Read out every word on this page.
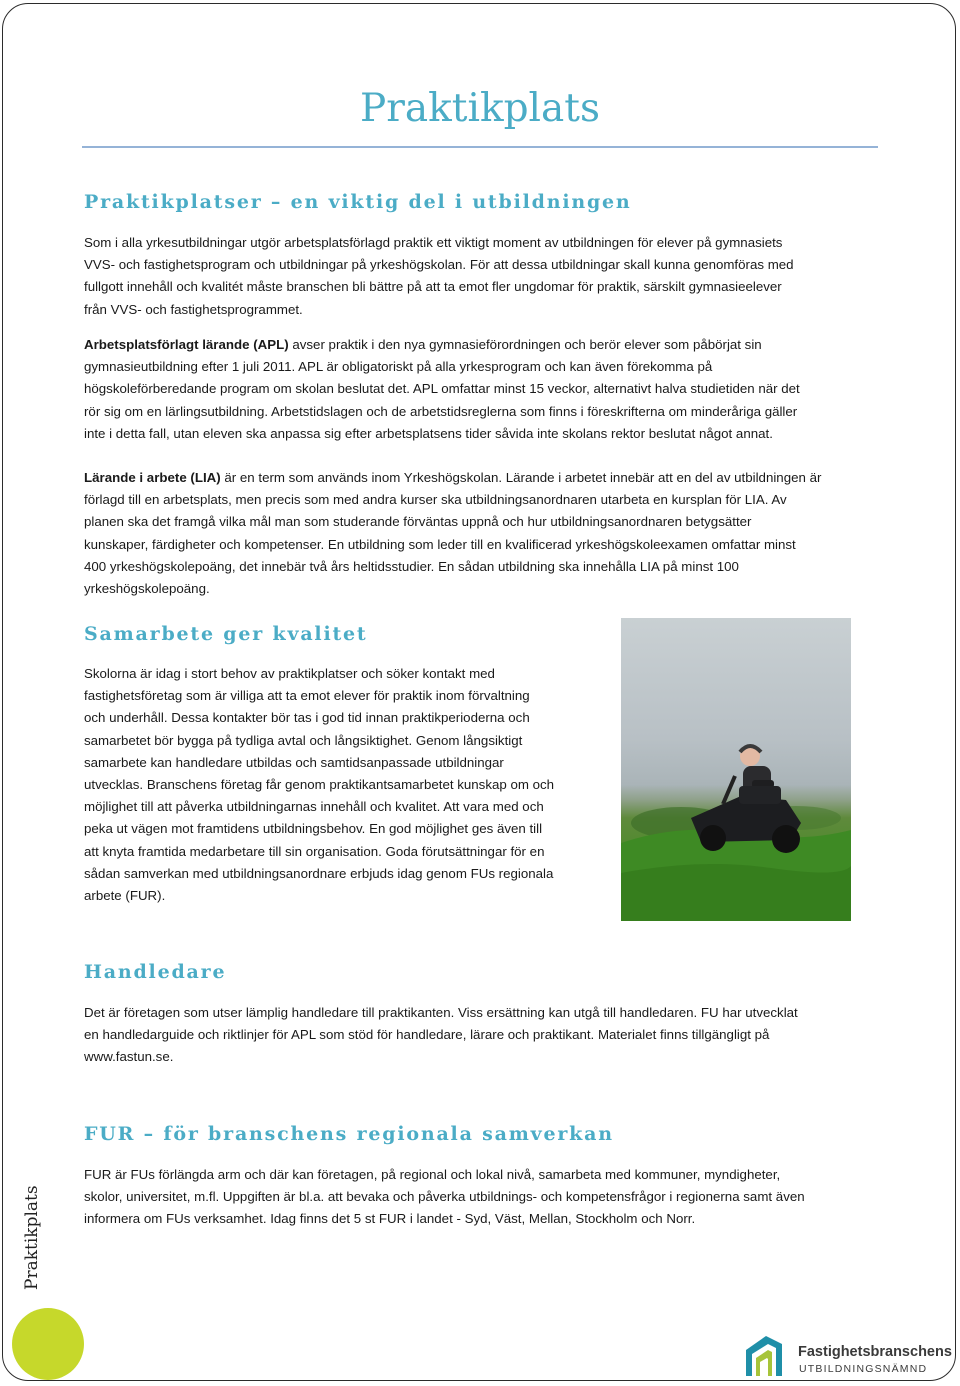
Praktikplats
Praktikplatser – en viktig del i utbildningen

Som i alla yrkesutbildningar utgör arbetsplatsförlagd praktik ett viktigt moment av utbildningen för elever på gymnasiets
VVS- och fastighetsprogram och utbildningar på yrkeshögskolan. För att dessa utbildningar skall kunna genomföras med
fullgott innehåll och kvalitét måste branschen bli bättre på att ta emot fler ungdomar för praktik, särskilt gymnasieelever
från VVS- och fastighetsprogrammet.

Arbetsplatsförlagt lärande (APL) avser praktik i den nya gymnasieförordningen och berör elever som påbörjat sin
gymnasieutbildning efter 1 juli 2011. APL är obligatoriskt på alla yrkesprogram och kan även förekomma på
högskoleförberedande program om skolan beslutat det. APL omfattar minst 15 veckor, alternativt halva studietiden när det
rör sig om en lärlingsutbildning. Arbetstidslagen och de arbetstidsreglerna som finns i föreskrifterna om minderåriga gäller
inte i detta fall, utan eleven ska anpassa sig efter arbetsplatsens tider såvida inte skolans rektor beslutat något annat.

Lärande i arbete (LIA) är en term som används inom Yrkeshögskolan. Lärande i arbetet innebär att en del av utbildningen är
förlagd till en arbetsplats, men precis som med andra kurser ska utbildningsanordnaren utarbeta en kursplan för LIA. Av
planen ska det framgå vilka mål man som studerande förväntas uppnå och hur utbildningsanordnaren betygsätter
kunskaper, färdigheter och kompetenser. En utbildning som leder till en kvalificerad yrkeshögskoleexamen omfattar minst
400 yrkeshögskolepoäng, det innebär två års heltidsstudier. En sådan utbildning ska innehålla LIA på minst 100
yrkeshögskolepoäng.

Samarbete ger kvalitet

Skolorna är idag i stort behov av praktikplatser och söker kontakt med
fastighetsföretag som är villiga att ta emot elever för praktik inom förvaltning
och underhåll. Dessa kontakter bör tas i god tid innan praktikperioderna och
samarbetet bör bygga på tydliga avtal och långsiktighet. Genom långsiktigt
samarbete kan handledare utbildas och samtidsanpassade utbildningar
utvecklas. Branschens företag får genom praktikantsamarbetet kunskap om och
möjlighet till att påverka utbildningarnas innehåll och kvalitet. Att vara med och
peka ut vägen mot framtidens utbildningsbehov. En god möjlighet ges även till
att knyta framtida medarbetare till sin organisation. Goda förutsättningar för en
sådan samverkan med utbildningsanordnare erbjuds idag genom FUs regionala
arbete (FUR).

Handledare

Det är företagen som utser lämplig handledare till praktikanten. Viss ersättning kan utgå till handledaren. FU har utvecklat
en handledarguide och riktlinjer för APL som stöd för handledare, lärare och praktikant. Materialet finns tillgängligt på
www.fastun.se.

FUR – för branschens regionala samverkan

FUR är FUs förlängda arm och där kan företagen, på regional och lokal nivå, samarbeta med kommuner, myndigheter,
skolor, universitet, m.fl. Uppgiften är bl.a. att bevaka och påverka utbildnings- och kompetensfrågor i regionerna samt även
informera om FUs verksamhet. Idag finns det 5 st FUR i landet - Syd, Väst, Mellan, Stockholm och Norr.

Praktikplats
Fastighetsbranschens
UTBILDNINGSNÄMND
